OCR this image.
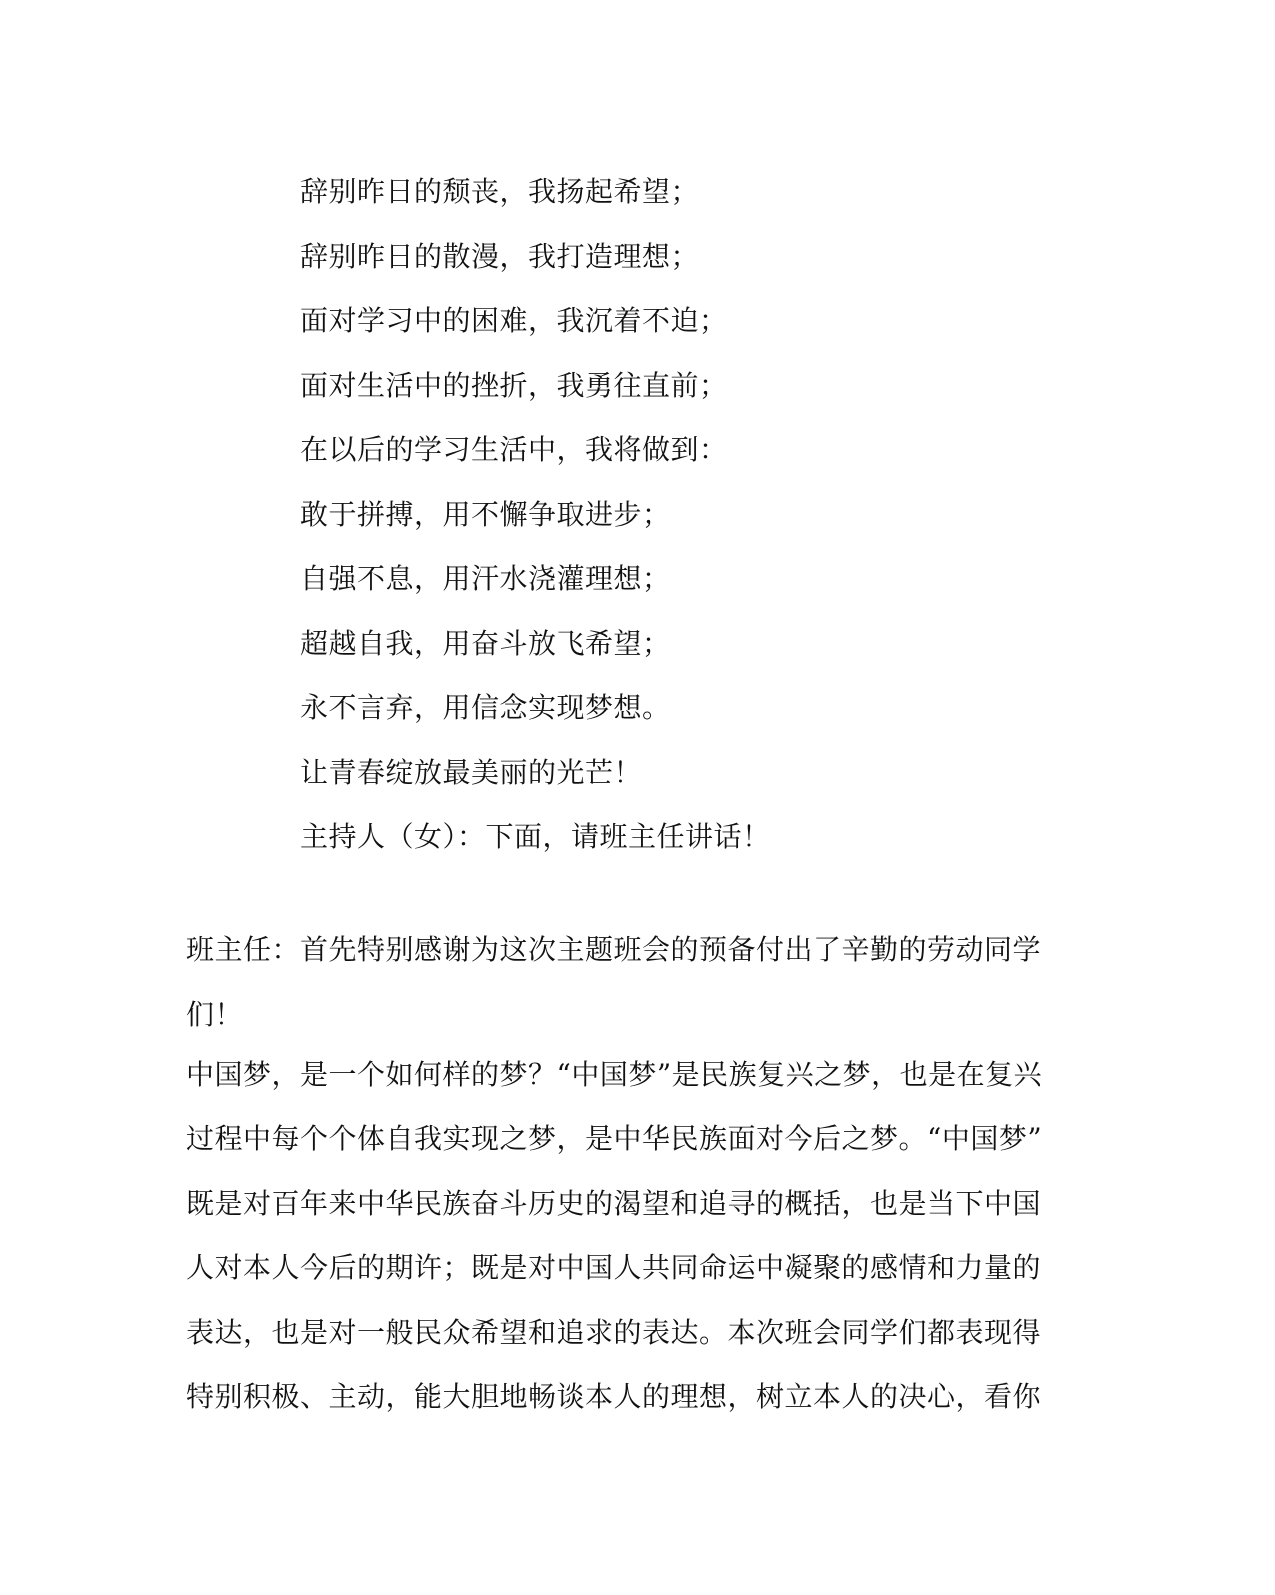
辞别昨日的颓丧，我扬起希望；
辞别昨日的散漫，我打造理想；
面对学习中的困难，我沉着不迫；
面对生活中的挫折，我勇往直前；
在以后的学习生活中，我将做到：
敢于拼搏，用不懈争取进步；
自强不息，用汗水浇灌理想；
超越自我，用奋斗放飞希望；
永不言弃，用信念实现梦想。
让青春绽放最美丽的光芒！
主持人（女）：下面，请班主任讲话！
班主任：首先特别感谢为这次主题班会的预备付出了辛勤的劳动同学
们！
中国梦，是一个如何样的梦？“中国梦”是民族复兴之梦，也是在复兴
过程中每个个体自我实现之梦，是中华民族面对今后之梦。“中国梦”
既是对百年来中华民族奋斗历史的渴望和追寻的概括，也是当下中国
人对本人今后的期许；既是对中国人共同命运中凝聚的感情和力量的
表达，也是对一般民众希望和追求的表达。本次班会同学们都表现得
特别积极、主动，能大胆地畅谈本人的理想，树立本人的决心，看你
